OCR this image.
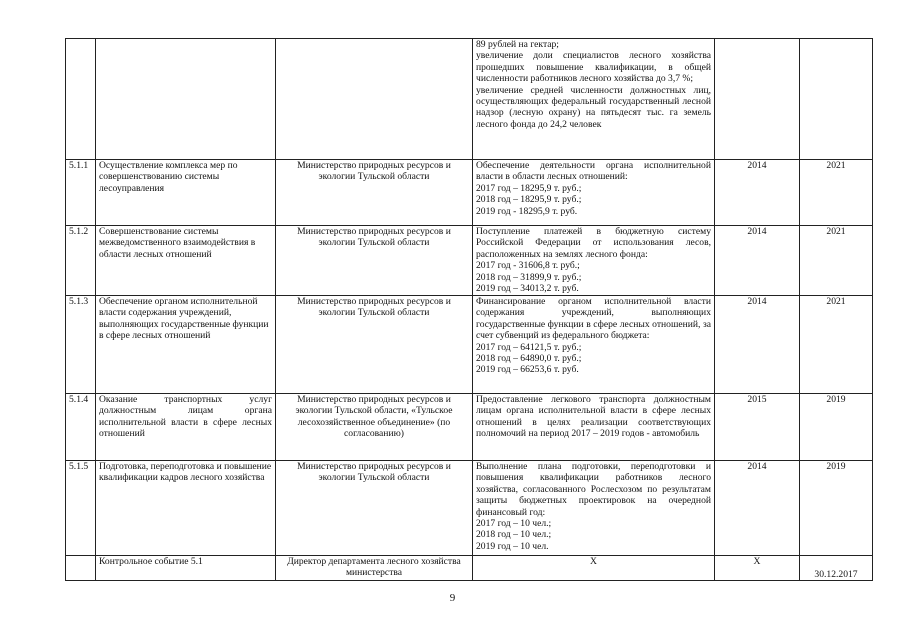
			89 рублей на гектар;
увеличение доли специалистов лесного хозяйства прошедших повышение квалификации, в общей численности работников лесного хозяйства до 3,7 %;
увеличение средней численности должностных лиц, осуществляющих федеральный государственный лесной надзор (лесную охрану) на пятьдесят тыс. га земель лесного фонда до 24,2 человек		

5.1.1	Осуществление комплекса мер по совершенствованию системы лесоуправления	Министерство природных ресурсов и экологии Тульской области	Обеспечение деятельности органа исполнительной власти в области лесных отношений:
2017 год – 18295,9 т. руб.;
2018 год – 18295,9 т. руб.;
2019 год - 18295,9 т. руб.	2014	2021
5.1.2	Совершенствование системы межведомственного взаимодействия в области лесных отношений	Министерство природных ресурсов и экологии Тульской области	Поступление платежей в бюджетную систему Российской Федерации от использования лесов, расположенных на землях лесного фонда:
2017 год - 31606,8 т. руб.;
2018 год – 31899,9 т. руб.;
2019 год – 34013,2 т. руб.	2014	2021
5.1.3	Обеспечение органом исполнительной власти содержания учреждений, выполняющих государственные функции в сфере лесных отношений	Министерство природных ресурсов и экологии Тульской области	Финансирование органом исполнительной власти содержания учреждений, выполняющих государственные функции в сфере лесных отношений, за счет субвенций из федерального бюджета:
2017 год – 64121,5 т. руб.;
2018 год – 64890,0 т. руб.;
2019 год – 66253,6 т. руб.	2014	2021
5.1.4	Оказание транспортных услуг должностным лицам органа исполнительной власти в сфере лесных отношений	Министерство природных ресурсов и экологии Тульской области, «Тульское лесохозяйственное объединение» (по согласованию)	Предоставление легкового транспорта должностным лицам органа исполнительной власти в сфере лесных отношений в целях реализации соответствующих полномочий на период 2017 – 2019 годов - автомобиль	2015	2019
5.1.5	Подготовка, переподготовка и повышение квалификации кадров лесного хозяйства	Министерство природных ресурсов и экологии Тульской области	Выполнение плана подготовки, переподготовки и повышения квалификации работников лесного хозяйства, согласованного Рослесхозом по результатам защиты бюджетных проектировок на очередной финансовый год:
2017 год – 10 чел.;
2018 год – 10 чел.;
2019 год – 10 чел.	2014	2019
	Контрольное событие 5.1	Директор департамента лесного хозяйства министерства	X	X	30.12.2017
9
